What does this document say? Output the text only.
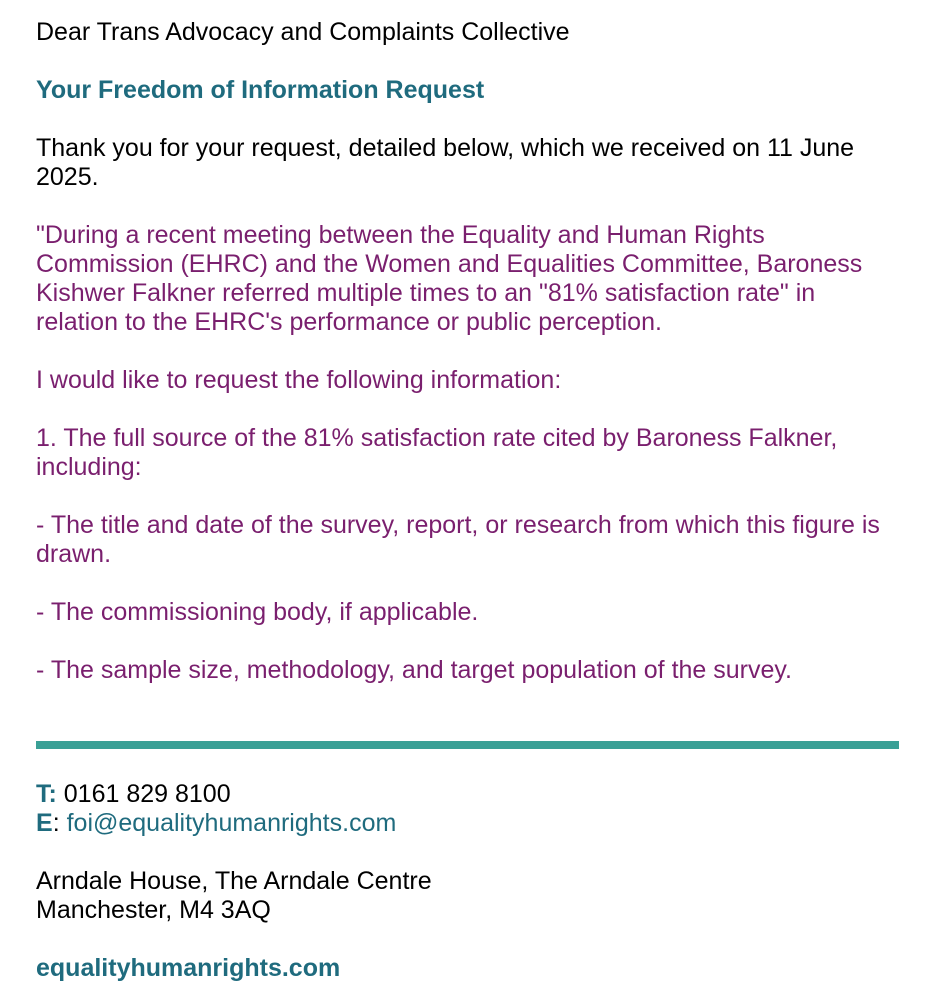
Dear Trans Advocacy and Complaints Collective

Your Freedom of Information Request

Thank you for your request, detailed below, which we received on 11 June 2025.

"During a recent meeting between the Equality and Human Rights Commission (EHRC) and the Women and Equalities Committee, Baroness Kishwer Falkner referred multiple times to an "81% satisfaction rate" in relation to the EHRC's performance or public perception.

I would like to request the following information:

1. The full source of the 81% satisfaction rate cited by Baroness Falkner, including:

- The title and date of the survey, report, or research from which this figure is drawn.

- The commissioning body, if applicable.

- The sample size, methodology, and target population of the survey.

T: 0161 829 8100

E: foi@equalityhumanrights.com

Arndale House, The Arndale Centre

Manchester, M4 3AQ

equalityhumanrights.com
